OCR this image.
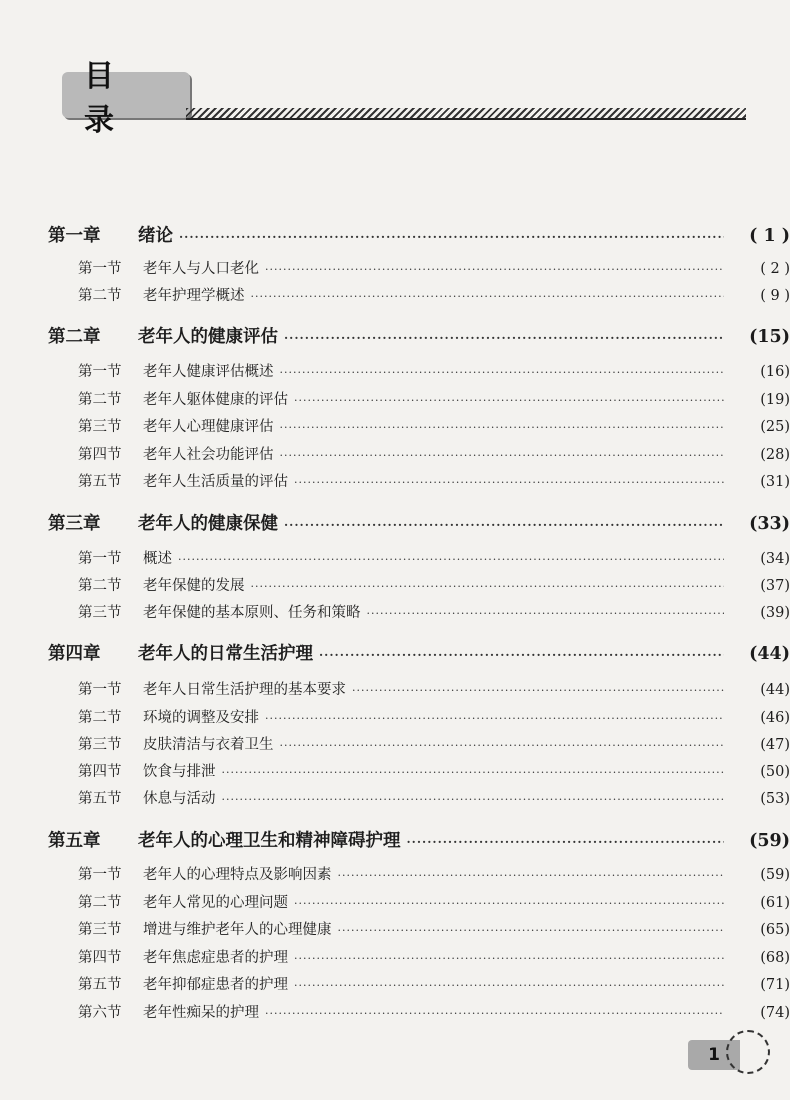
目 录
第一章	绪论 ·····	( 1 )
第一节	老年人与人口老化 ·····	( 2 )
第二节	老年护理学概述 ·····	( 9 )
第二章	老年人的健康评估 ·····	(15)
第一节	老年人健康评估概述 ·····	(16)
第二节	老年人躯体健康的评估 ·····	(19)
第三节	老年人心理健康评估 ·····	(25)
第四节	老年人社会功能评估 ·····	(28)
第五节	老年人生活质量的评估 ·····	(31)
第三章	老年人的健康保健 ·····	(33)
第一节	概述 ·····	(34)
第二节	老年保健的发展 ·····	(37)
第三节	老年保健的基本原则、任务和策略 ·····	(39)
第四章	老年人的日常生活护理 ·····	(44)
第一节	老年人日常生活护理的基本要求 ·····	(44)
第二节	环境的调整及安排 ·····	(46)
第三节	皮肤清洁与衣着卫生 ·····	(47)
第四节	饮食与排泄 ·····	(50)
第五节	休息与活动 ·····	(53)
第五章	老年人的心理卫生和精神障碍护理 ·····	(59)
第一节	老年人的心理特点及影响因素 ·····	(59)
第二节	老年人常见的心理问题 ·····	(61)
第三节	增进与维护老年人的心理健康 ·····	(65)
第四节	老年焦虑症患者的护理 ·····	(68)
第五节	老年抑郁症患者的护理 ·····	(71)
第六节	老年性痴呆的护理 ·····	(74)
1
